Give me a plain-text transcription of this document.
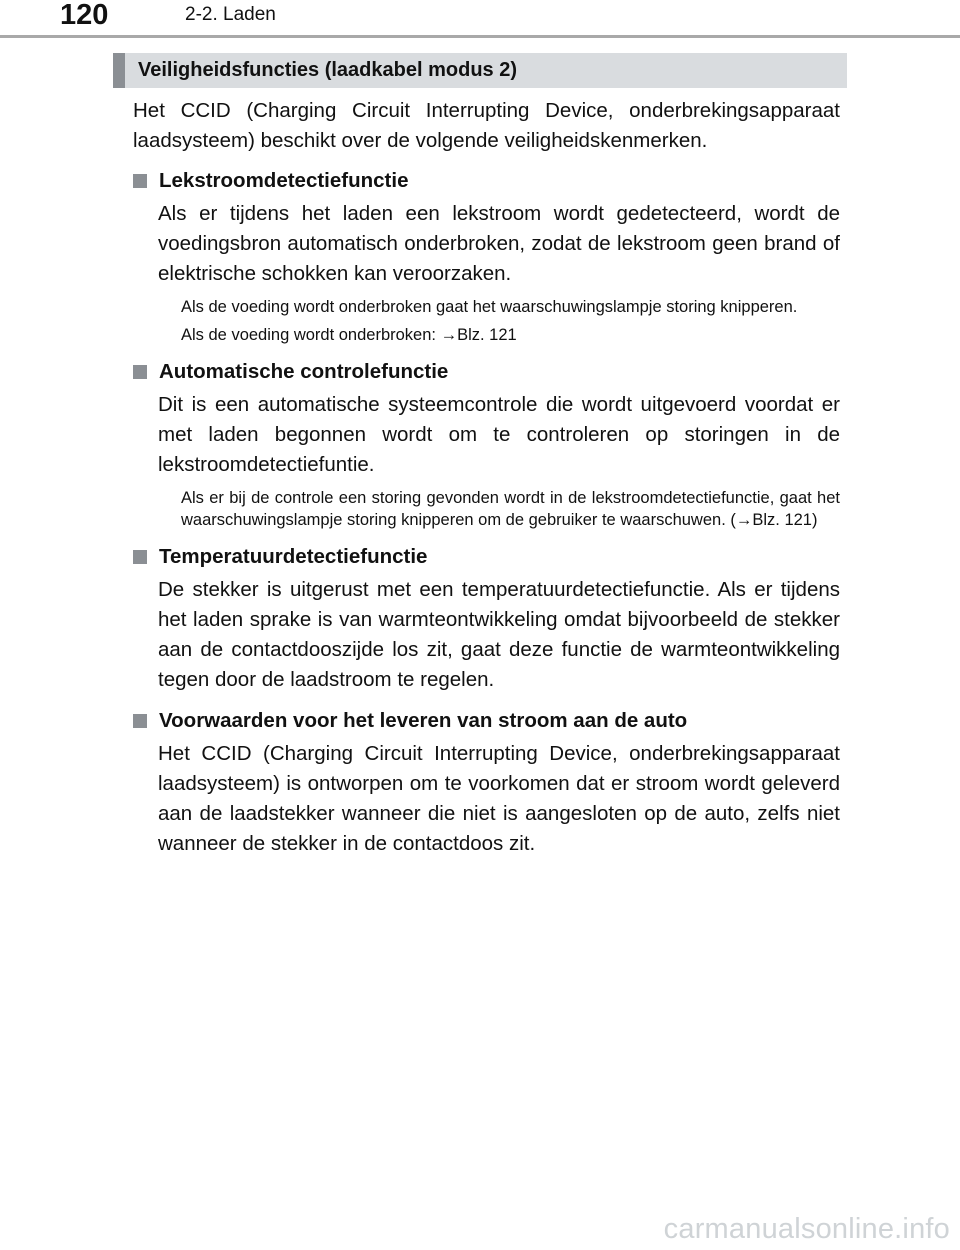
120	2-2. Laden
Veiligheidsfuncties (laadkabel modus 2)

Het CCID (Charging Circuit Interrupting Device, onderbrekingsapparaat laadsysteem) beschikt over de volgende veiligheidskenmerken.

Lekstroomdetectiefunctie

Als er tijdens het laden een lekstroom wordt gedetecteerd, wordt de voedingsbron automatisch onderbroken, zodat de lekstroom geen brand of elektrische schokken kan veroorzaken.

Als de voeding wordt onderbroken gaat het waarschuwingslampje storing knipperen.

Als de voeding wordt onderbroken: →Blz. 121

Automatische controlefunctie

Dit is een automatische systeemcontrole die wordt uitgevoerd voordat er met laden begonnen wordt om te controleren op storingen in de lekstroomdetectiefuntie.

Als er bij de controle een storing gevonden wordt in de lekstroomdetectiefunctie, gaat het waarschuwingslampje storing knipperen om de gebruiker te waarschuwen. (→Blz. 121)

Temperatuurdetectiefunctie

De stekker is uitgerust met een temperatuurdetectiefunctie. Als er tijdens het laden sprake is van warmteontwikkeling omdat bijvoorbeeld de stekker aan de contactdooszijde los zit, gaat deze functie de warmteontwikkeling tegen door de laadstroom te regelen.

Voorwaarden voor het leveren van stroom aan de auto

Het CCID (Charging Circuit Interrupting Device, onderbrekingsapparaat laadsysteem) is ontworpen om te voorkomen dat er stroom wordt geleverd aan de laadstekker wanneer die niet is aangesloten op de auto, zelfs niet wanneer de stekker in de contactdoos zit.

carmanualsonline.info
